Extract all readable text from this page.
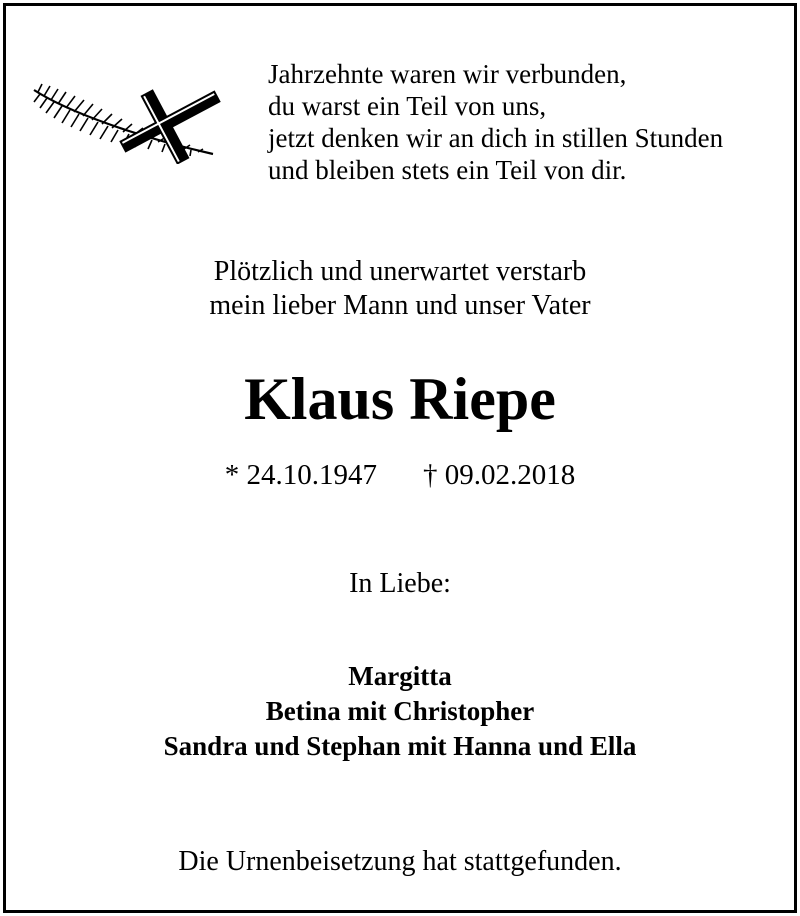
Jahrzehnte waren wir verbunden,
du warst ein Teil von uns,
jetzt denken wir an dich in stillen Stunden
und bleiben stets ein Teil von dir.
Plötzlich und unerwartet verstarb
mein lieber Mann und unser Vater
Klaus Riepe
* 24.10.1947 † 09.02.2018
In Liebe:
Margitta
Betina mit Christopher
Sandra und Stephan mit Hanna und Ella
Die Urnenbeisetzung hat stattgefunden.
